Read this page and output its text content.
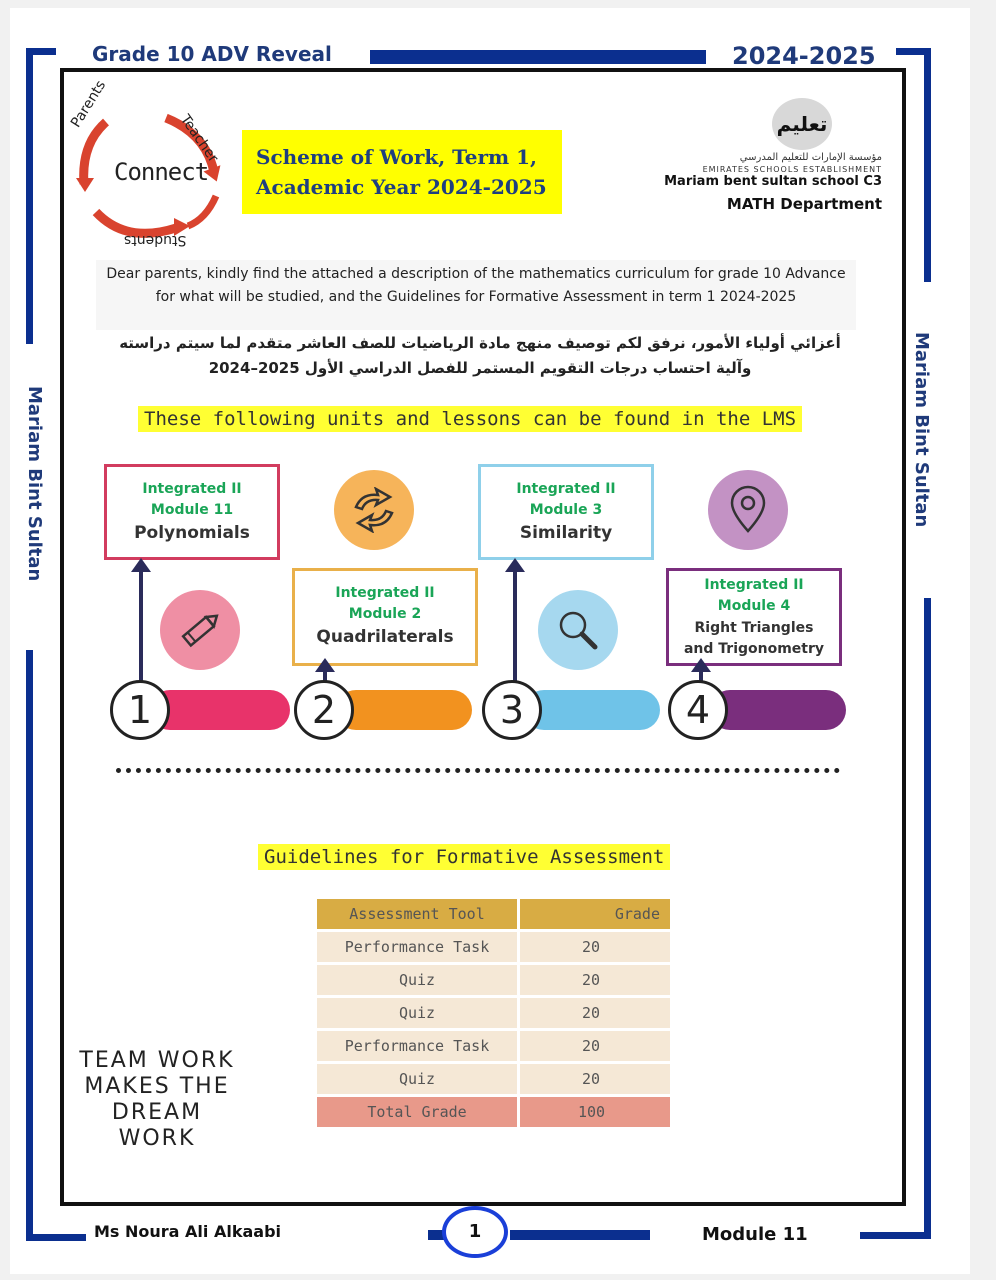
Grade 10 ADV Reveal	2024-2025
Mariam Bint Sultan	Mariam Bint Sultan
Connect
Parents
Teacher
Students
Scheme of Work, Term 1,
Academic Year 2024-2025
تعليم
مؤسسة الإمارات للتعليم المدرسي
EMIRATES SCHOOLS ESTABLISHMENT
Mariam bent sultan school C3
MATH Department
Dear parents, kindly find the attached a description of the mathematics curriculum for grade 10 Advance
for what will be studied, and the Guidelines for Formative Assessment in term 1 2024-2025
أعزائي أولياء الأمور، نرفق لكم توصيف منهج مادة الرياضيات للصف العاشر متقدم لما سيتم دراسته
وآلية احتساب درجات التقويم المستمر للفصل الدراسي الأول 2025–2024
These following units and lessons can be found in the LMS
Integrated II
Module 11
Polynomials
1
Integrated II
Module 2
Quadrilaterals
2
Integrated II
Module 3
Similarity
3
Integrated II
Module 4
Right Triangles
and Trigonometry
4
Guidelines for Formative Assessment
Assessment Tool	Grade
Performance Task	20
Quiz	20
Quiz	20
Performance Task	20
Quiz	20
Total Grade	100
TEAM WORK
MAKES THE
DREAM WORK
Ms Noura Ali Alkaabi	1	Module 11
